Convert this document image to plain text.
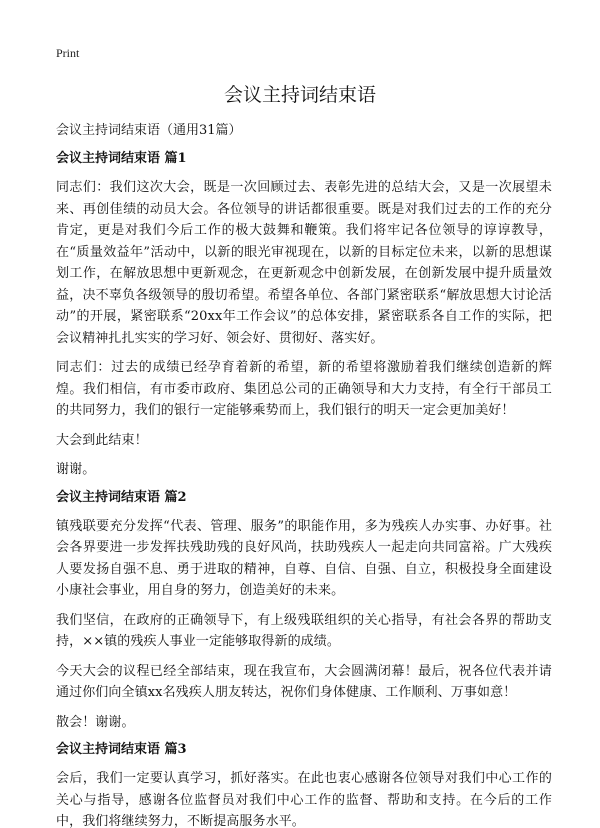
Print
会议主持词结束语

会议主持词结束语（通用31篇）

会议主持词结束语 篇1

同志们：我们这次大会，既是一次回顾过去、表彰先进的总结大会，又是一次展望未来、再创佳绩的动员大会。各位领导的讲话都很重要。既是对我们过去的工作的充分肯定，更是对我们今后工作的极大鼓舞和鞭策。我们将牢记各位领导的谆谆教导，在“质量效益年”活动中，以新的眼光审视现在，以新的目标定位未来，以新的思想谋划工作，在解放思想中更新观念，在更新观念中创新发展，在创新发展中提升质量效益，决不辜负各级领导的殷切希望。希望各单位、各部门紧密联系“解放思想大讨论活动”的开展，紧密联系“20xx年工作会议”的总体安排，紧密联系各自工作的实际，把会议精神扎扎实实的学习好、领会好、贯彻好、落实好。

同志们：过去的成绩已经孕育着新的希望，新的希望将激励着我们继续创造新的辉煌。我们相信，有市委市政府、集团总公司的正确领导和大力支持，有全行干部员工的共同努力，我们的银行一定能够乘势而上，我们银行的明天一定会更加美好！

大会到此结束！

谢谢。

会议主持词结束语 篇2

镇残联要充分发挥“代表、管理、服务”的职能作用，多为残疾人办实事、办好事。社会各界要进一步发挥扶残助残的良好风尚，扶助残疾人一起走向共同富裕。广大残疾人要发扬自强不息、勇于进取的精神，自尊、自信、自强、自立，积极投身全面建设小康社会事业，用自身的努力，创造美好的未来。

我们坚信，在政府的正确领导下，有上级残联组织的关心指导，有社会各界的帮助支持，××镇的残疾人事业一定能够取得新的成绩。

今天大会的议程已经全部结束，现在我宣布，大会圆满闭幕！最后，祝各位代表并请通过你们向全镇xx名残疾人朋友转达，祝你们身体健康、工作顺利、万事如意！

散会！谢谢。

会议主持词结束语 篇3

会后，我们一定要认真学习，抓好落实。在此也衷心感谢各位领导对我们中心工作的关心与指导，感谢各位监督员对我们中心工作的监督、帮助和支持。在今后的工作中，我们将继续努力，不断提高服务水平。
